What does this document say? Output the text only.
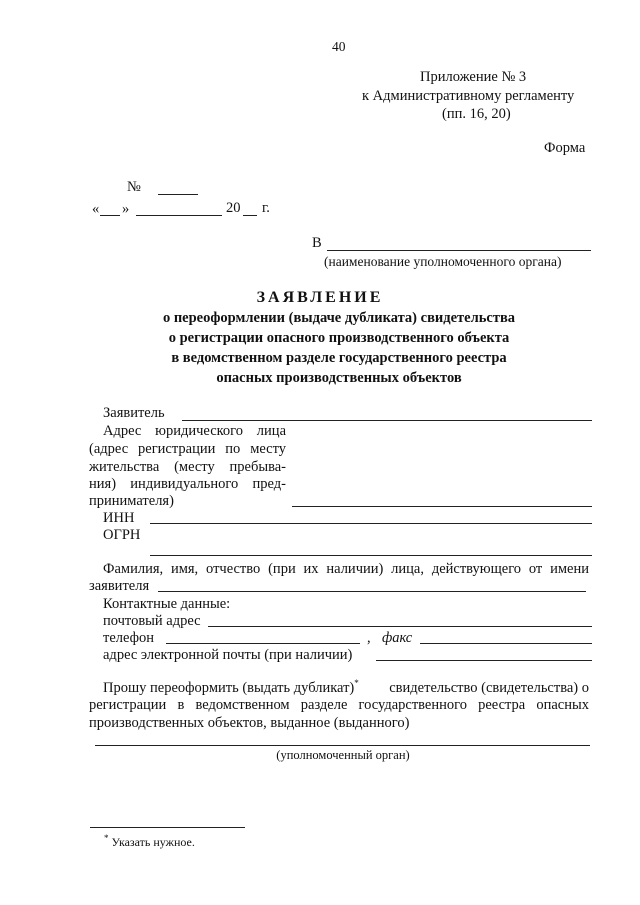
40
Приложение № 3
к Административному регламенту
(пп. 16, 20)
Форма
№
« »	20 г.
В
(наименование уполномоченного органа)
ЗАЯВЛЕНИЕ
о переоформлении (выдаче дубликата) свидетельства
о регистрации опасного производственного объекта
в ведомственном разделе государственного реестра
опасных производственных объектов
Заявитель
Адрес юридического лица
(адрес регистрации по месту
жительства (месту пребыва-
ния) индивидуального пред-
принимателя)
ИНН
ОГРН
Фамилия, имя, отчество (при их наличии) лица, действующего от имени
заявителя
Контактные данные:
почтовый адрес
телефон	, факс
адрес электронной почты (при наличии)
Прошу переоформить (выдать дубликат)* свидетельство (свидетельства) о
регистрации в ведомственном разделе государственного реестра опасных
производственных объектов, выданное (выданного)
(уполномоченный орган)
* Указать нужное.
